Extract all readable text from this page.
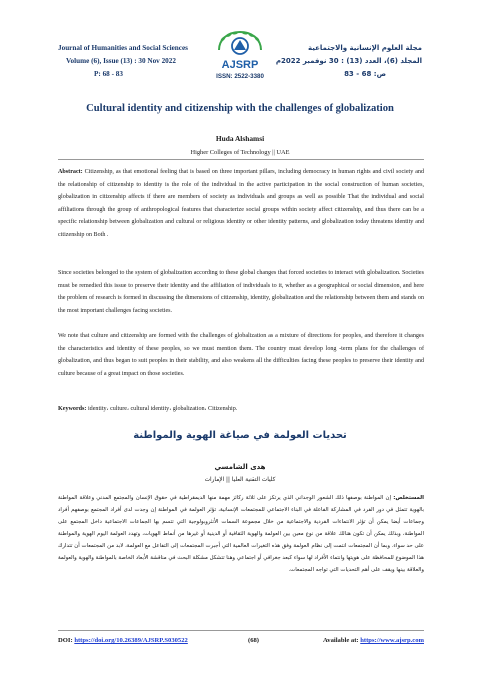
Journal of Humanities and Social Sciences
Volume (6), Issue (13) : 30 Nov 2022
P: 68 - 83
AJSRP
مجلة العلوم الإنسانية والاجتماعية
المجلد (6)، العدد (13) : 30 نوفمبر 2022م
ص: 68 - 83
ISSN: 2522-3380
Cultural identity and citizenship with the challenges of globalization
Huda Alshamsi
Higher Colleges of Technology || UAE
Abstract: Citizenship, as that emotional feeling that is based on three important pillars, including democracy in human rights and civil society and the relationship of citizenship to identity is the role of the individual in the active participation in the social construction of human societies, globalization in citizenship affects if there are members of society as individuals and groups as well as possible That the individual and social affiliations through the group of anthropological features that characterize social groups within society affect citizenship, and thus there can be a specific relationship between globalization and cultural or religious identity or other identity patterns, and globalization today threatens identity and citizenship on Both .
Since societies belonged to the system of globalization according to these global changes that forced societies to interact with globalization. Societies must be remedied this issue to preserve their identity and the affiliation of individuals to it, whether as a geographical or social dimension, and here the problem of research is formed in discussing the dimensions of citizenship, identity, globalization and the relationship between them and stands on the most important challenges facing societies.
We note that culture and citizenship are formed with the challenges of globalization as a mixture of directions for peoples, and therefore it changes the characteristics and identity of these peoples, so we must mention them. The country must develop long -term plans for the challenges of globalization, and thus began to suit peoples in their stability, and also weakens all the difficulties facing these peoples to preserve their identity and culture because of a great impact on those societies.
Keywords: identity، culture، cultural identity، globalization، Citizenship.
تحديات العولمة في صياغة الهوية والمواطنة
هدى الشامسي
كليات التقنية العليا || الإمارات
المستخلص: إن المواطنة بوصفها ذلك الشعور الوجداني الذي يرتكز على ثلاثة ركائز مهمة منها الديمقراطية في حقوق الإنسان والمجتمع المدني وعلاقة المواطنة بالهوية تتمثل في دور الفرد في المشاركة الفاعلة في البناء الاجتماعي للمجتمعات الإنسانية، تؤثر العولمة في المواطنة إن وجدت لدى أفراد المجتمع بوصفهم أفراد وجماعات أيضا يمكن أن تؤثر الانتماءات الفردية والاجتماعية من خلال مجموعة السمات الأنثروبولوجية التي تتسم بها الجماعات الاجتماعية داخل المجتمع على المواطنة، وبذلك يمكن أن تكون هنالك علاقة من نوع معين بين العولمة والهوية الثقافية أو الدينية أو غيرها من أنماط الهويات، وتهدد العولمة اليوم الهوية والمواطنة على حد سواء. وبما أن المجتمعات انتمت إلى نظام العولمة وفق هذه التغيرات العالمية التي أجبرت المجتمعات إلى التفاعل مع العولمة، لابد من المجتمعات أن تتدارك هذا الموضوع للمحافظة على هويتها وانتماء الأفراد لها سواء كبعد جغرافي أو اجتماعي وهنا تتشكل مشكلة البحث في مناقشة الأبعاد الخاصة بالمواطنة والهوية والعولمة والعلاقة بينها ويقف على أهم التحديات التي تواجه المجتمعات.
DOI: https://doi.org/10.26389/AJSRP.S030522	(68)	Available at: https://www.ajsrp.com
